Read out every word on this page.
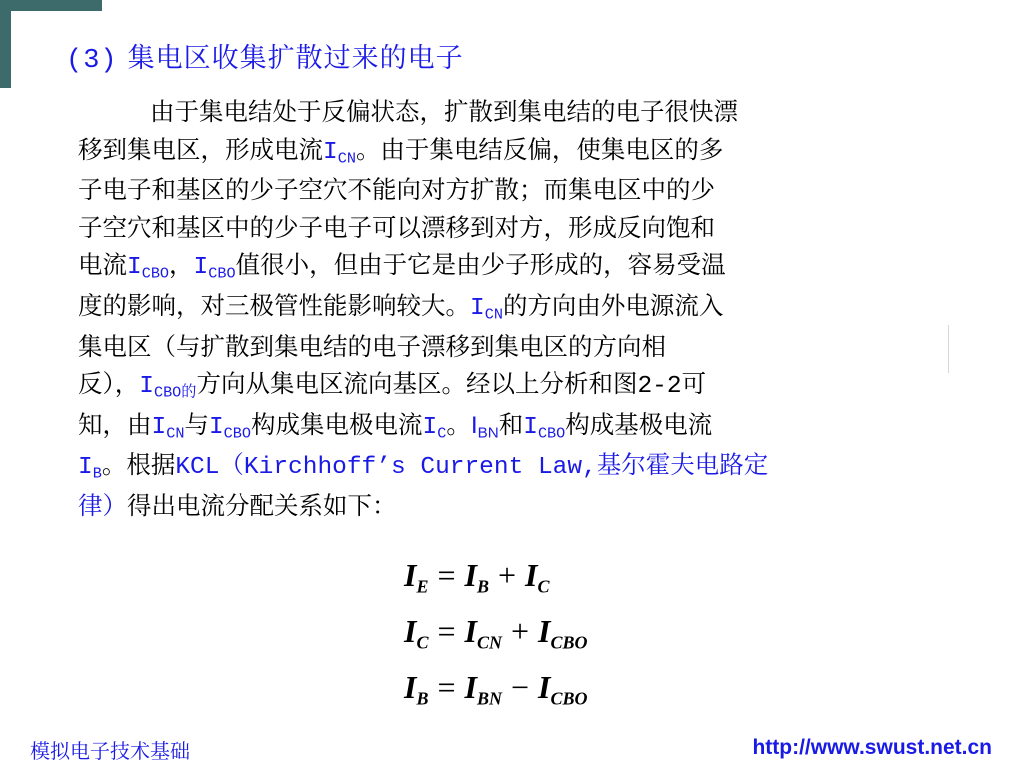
(3) 集电区收集扩散过来的电子
由于集电结处于反偏状态，扩散到集电结的电子很快漂
移到集电区，形成电流$I_{CN}$。由于集电结反偏，使集电区的多
子电子和基区的少子空穴不能向对方扩散；而集电区中的少
子空穴和基区中的少子电子可以漂移到对方，形成反向饱和
电流$I_{CBO}$，$I_{CBO}$值很小，但由于它是由少子形成的，容易受温
度的影响，对三极管性能影响较大。$I_{CN}$的方向由外电源流入
集电区（与扩散到集电结的电子漂移到集电区的方向相
反），$I_{CBO的}$方向从集电区流向基区。经以上分析和图2-2可
知，由$I_{CN}$与$I_{CBO}$构成集电极电流$I_C$。$I_{BN}$和$I_{CBO}$构成基极电流
$I_B$。根据KCL（Kirchhoff’s Current Law,基尔霍夫电路定
律）得出电流分配关系如下：
$I_E = I_B + I_C$
$I_C = I_{CN} + I_{CBO}$
$I_B = I_{BN} - I_{CBO}$
模拟电子技术基础	http://www.swust.net.cn
